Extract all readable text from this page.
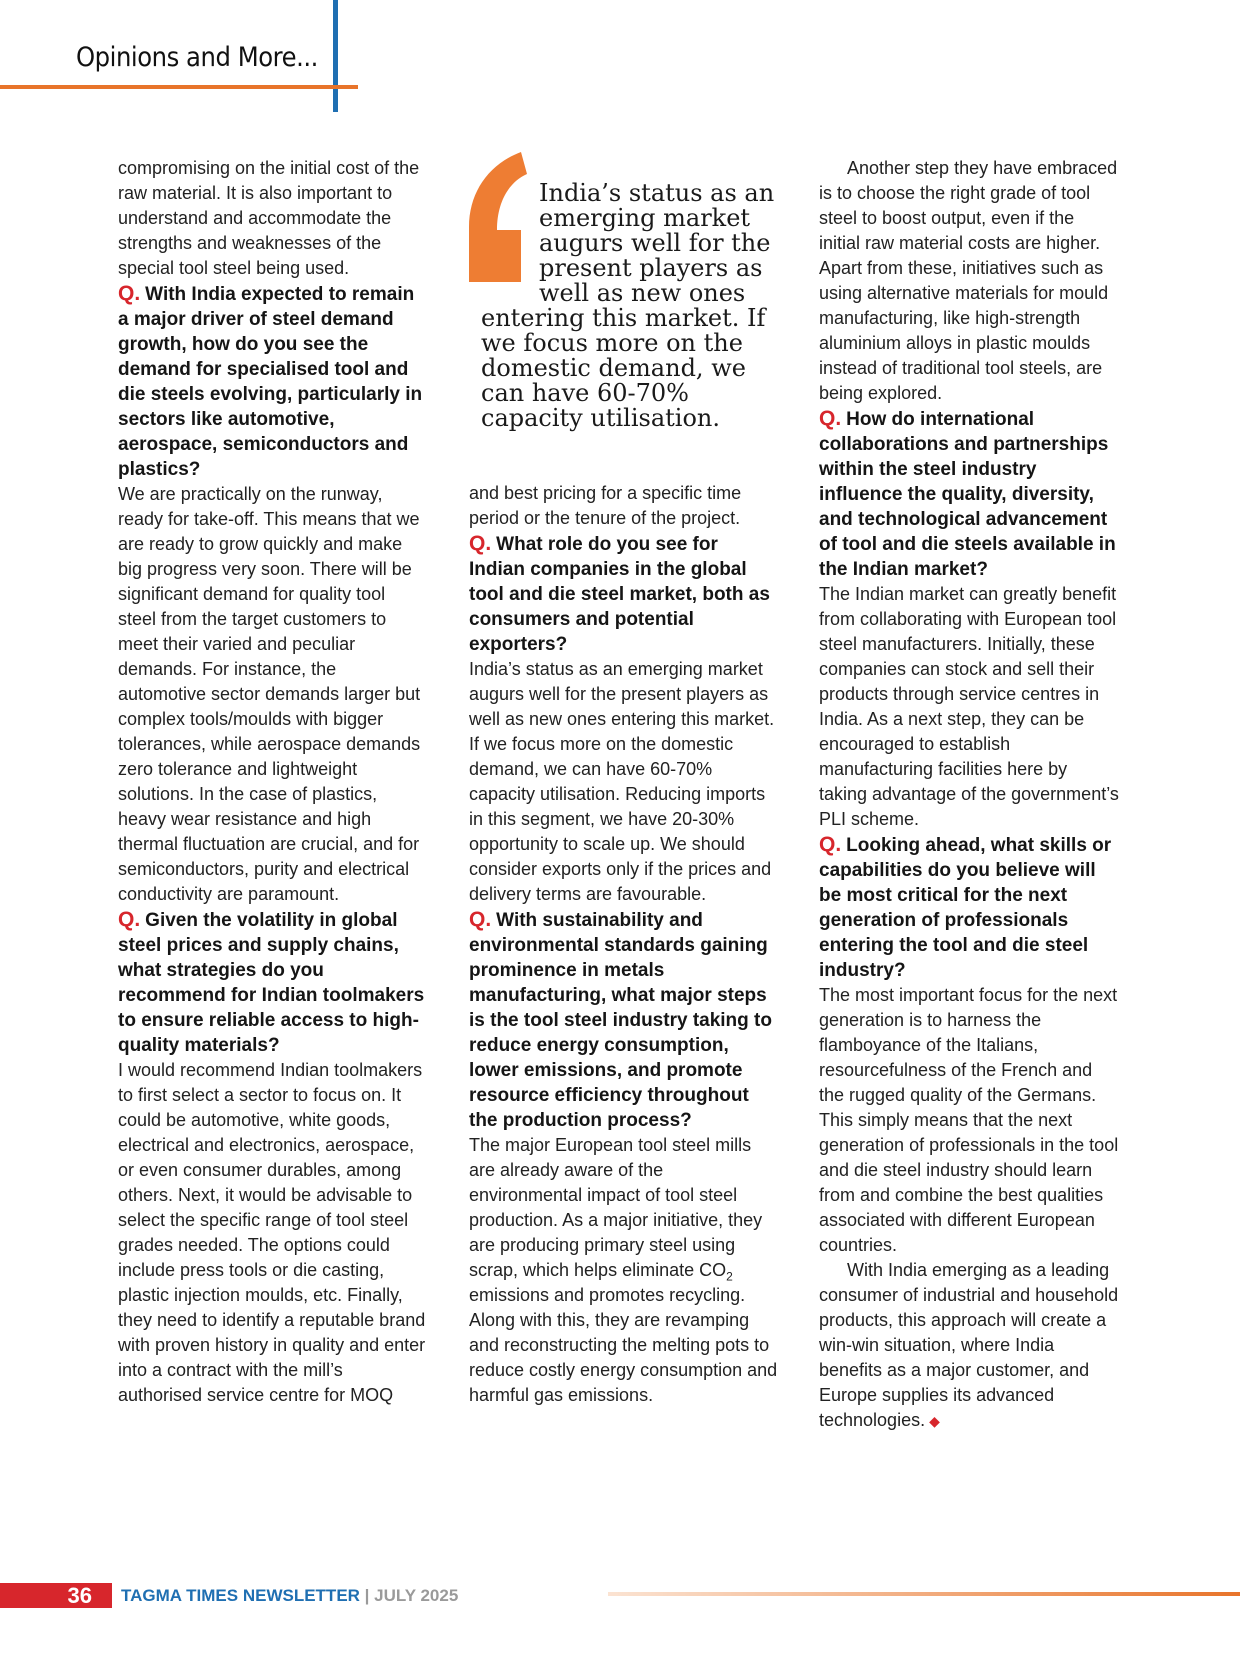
Opinions and More...

compromising on the initial cost of the raw material. It is also important to understand and accommodate the strengths and weaknesses of the special tool steel being used.

Q. With India expected to remain a major driver of steel demand growth, how do you see the demand for specialised tool and die steels evolving, particularly in sectors like automotive, aerospace, semiconductors and plastics?

We are practically on the runway, ready for take-off. This means that we are ready to grow quickly and make big progress very soon. There will be significant demand for quality tool steel from the target customers to meet their varied and peculiar demands. For instance, the automotive sector demands larger but complex tools/moulds with bigger tolerances, while aerospace demands zero tolerance and lightweight solutions. In the case of plastics, heavy wear resistance and high thermal fluctuation are crucial, and for semiconductors, purity and electrical conductivity are paramount.

Q. Given the volatility in global steel prices and supply chains, what strategies do you recommend for Indian toolmakers to ensure reliable access to high-quality materials?

I would recommend Indian toolmakers to first select a sector to focus on. It could be automotive, white goods, electrical and electronics, aerospace, or even consumer durables, among others. Next, it would be advisable to select the specific range of tool steel grades needed. The options could include press tools or die casting, plastic injection moulds, etc. Finally, they need to identify a reputable brand with proven history in quality and enter into a contract with the mill’s authorised service centre for MOQ

India’s status as an emerging market augurs well for the present players as well as new ones entering this market. If we focus more on the domestic demand, we can have 60-70% capacity utilisation.

and best pricing for a specific time period or the tenure of the project.

Q. What role do you see for Indian companies in the global tool and die steel market, both as consumers and potential exporters?

India’s status as an emerging market augurs well for the present players as well as new ones entering this market. If we focus more on the domestic demand, we can have 60-70% capacity utilisation. Reducing imports in this segment, we have 20-30% opportunity to scale up. We should consider exports only if the prices and delivery terms are favourable.

Q. With sustainability and environmental standards gaining prominence in metals manufacturing, what major steps is the tool steel industry taking to reduce energy consumption, lower emissions, and promote resource efficiency throughout the production process?

The major European tool steel mills are already aware of the environmental impact of tool steel production. As a major initiative, they are producing primary steel using scrap, which helps eliminate $CO_2$ emissions and promotes recycling. Along with this, they are revamping and reconstructing the melting pots to reduce costly energy consumption and harmful gas emissions.

Another step they have embraced is to choose the right grade of tool steel to boost output, even if the initial raw material costs are higher. Apart from these, initiatives such as using alternative materials for mould manufacturing, like high-strength aluminium alloys in plastic moulds instead of traditional tool steels, are being explored.

Q. How do international collaborations and partnerships within the steel industry influence the quality, diversity, and technological advancement of tool and die steels available in the Indian market?

The Indian market can greatly benefit from collaborating with European tool steel manufacturers. Initially, these companies can stock and sell their products through service centres in India. As a next step, they can be encouraged to establish manufacturing facilities here by taking advantage of the government’s PLI scheme.

Q. Looking ahead, what skills or capabilities do you believe will be most critical for the next generation of professionals entering the tool and die steel industry?

The most important focus for the next generation is to harness the flamboyance of the Italians, resourcefulness of the French and the rugged quality of the Germans. This simply means that the next generation of professionals in the tool and die steel industry should learn from and combine the best qualities associated with different European countries.

With India emerging as a leading consumer of industrial and household products, this approach will create a win-win situation, where India benefits as a major customer, and Europe supplies its advanced technologies. ◆

36	TAGMA TIMES NEWSLETTER | JULY 2025
